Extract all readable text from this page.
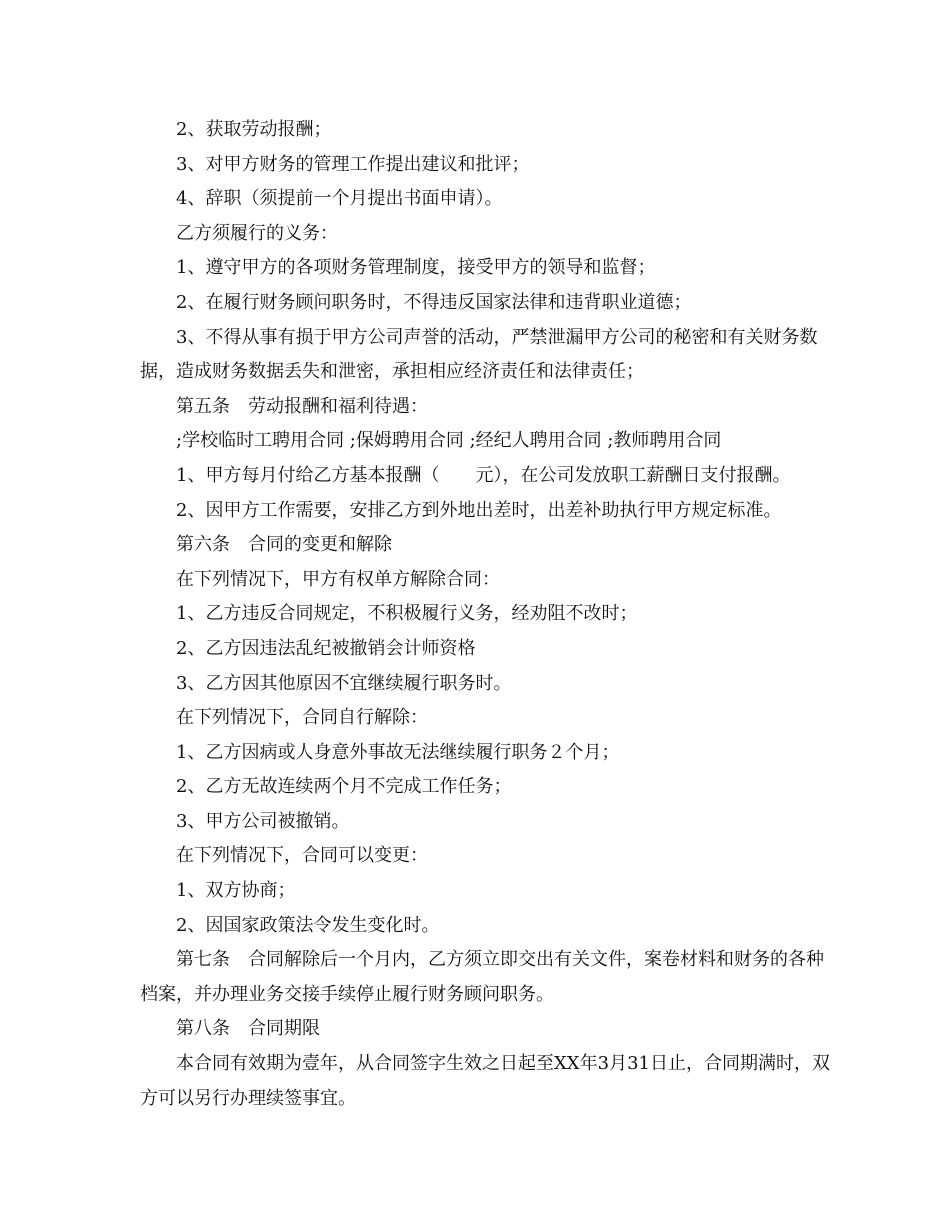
2、获取劳动报酬；

3、对甲方财务的管理工作提出建议和批评；

4、辞职（须提前一个月提出书面申请）。

乙方须履行的义务：

1、遵守甲方的各项财务管理制度，接受甲方的领导和监督；

2、在履行财务顾问职务时，不得违反国家法律和违背职业道德；

3、不得从事有损于甲方公司声誉的活动，严禁泄漏甲方公司的秘密和有关财务数据，造成财务数据丢失和泄密，承担相应经济责任和法律责任；

第五条　劳动报酬和福利待遇：

;学校临时工聘用合同 ;保姆聘用合同 ;经纪人聘用合同 ;教师聘用合同

1、甲方每月付给乙方基本报酬（　　元），在公司发放职工薪酬日支付报酬。

2、因甲方工作需要，安排乙方到外地出差时，出差补助执行甲方规定标准。

第六条　合同的变更和解除

在下列情况下，甲方有权单方解除合同：

1、乙方违反合同规定，不积极履行义务，经劝阻不改时；

2、乙方因违法乱纪被撤销会计师资格

3、乙方因其他原因不宜继续履行职务时。

在下列情况下，合同自行解除：

1、乙方因病或人身意外事故无法继续履行职务２个月；

2、乙方无故连续两个月不完成工作任务；

3、甲方公司被撤销。

在下列情况下，合同可以变更：

1、双方协商；

2、因国家政策法令发生变化时。

第七条　合同解除后一个月内，乙方须立即交出有关文件，案卷材料和财务的各种档案，并办理业务交接手续停止履行财务顾问职务。

第八条　合同期限

本合同有效期为壹年，从合同签字生效之日起至XX年3月31日止，合同期满时，双方可以另行办理续签事宜。
